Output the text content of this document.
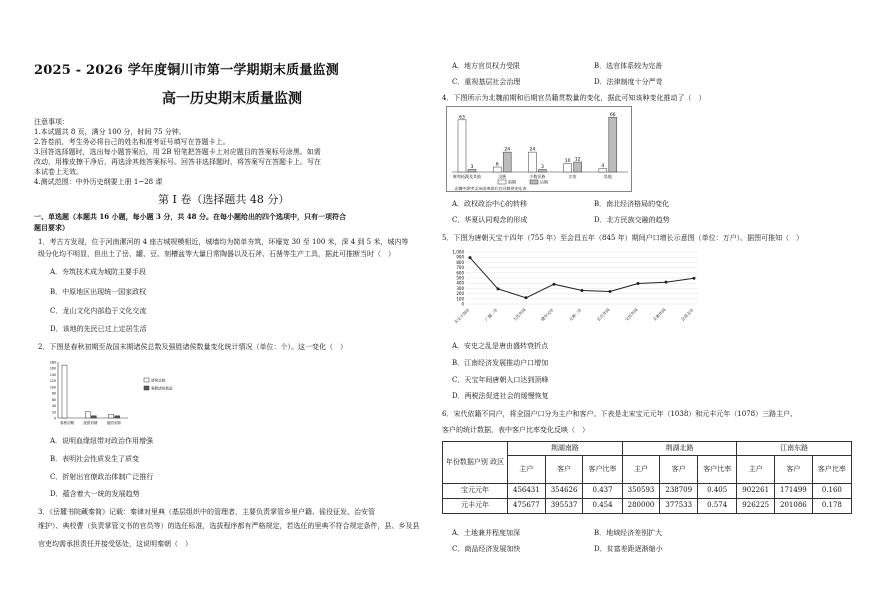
2025 - 2026 学年度铜川市第一学期期末质量监测
高一历史期末质量监测
注意事项：
1.本试题共 8 页，满分 100 分，时间 75 分钟。
2.答卷前，考生务必将自己的姓名和准考证号填写在答题卡上。
3.回答选择题时，选出每小题答案后，用 2B 铅笔把答题卡上对应题目的答案标号涂黑。如需
改动，用橡皮擦干净后，再选涂其他答案标号。回答非选择题时，将答案写在答题卡上。写在
本试卷上无效。
4.测试范围：中外历史纲要上册 1~28 课
第 Ⅰ 卷（选择题共 48 分）
一、单选题（本题共 16 小题，每小题 3 分，共 48 分。在每小题给出的四个选项中，只有一项符合
题目要求）
1．考古方发现，位于河南漯河的 4 座古城规模相近，城墙均为简单夯筑，环壕宽 30 至 100 米，深 4 到 5 米，城内等
级分化均不明显，但出土了岳、罐、豆、刻槽盆等大量日常陶器以及石斧、石凿等生产工具，据此可推断当时（　）
A．夯筑技术成为城防主要手段
B．中原地区出现统一国家政权
C．龙山文化内部趋于文化交流
D．该地的先民已过上定居生活
2．下图是春秋初期至战国末期诸侯总数及强胜诸侯数量变化统计情况（单位：个）。这一变化（　）
180
160
140
120
100
80
60
40
20
0
春秋初期	战国初期	战国末期
诸侯总数
强胜诸侯数量
A．说明血缘纽带对政治作用增强
B．表明社会性质发生了质变
C．折射出官僚政治体制广泛推行
D．蕴含着大一统的发展趋势
3．《岳麓书院藏秦简》记载：秦律对里典（基层组织中的管理者，主要负责掌管乡里户籍、徭役征发、治安管
维护）、典校曹（负责掌管文书的官员等）的选任标准，选拔程序都有严格规定，若选任的里典不符合规定条件，县、乡及县
官吏均需承担责任并接受惩处，这说明秦朝（　）
A．地方官员权力受限	B．选官体系较为完善
C．重视基层社会治理	D．法律制度十分严苛
4．下图所示为北魏前期和后期官员籍贯数量的变化，据此可知该种变化推动了（　）
63
3
鲜卑拓跋及其他
6
24
汉族
24
3
少数民族
10 12
宗室
4
66
其他
前期	后期
北魏中期孝文帝改革前后官员籍贯变化表
A．政权政治中心的转移	B．南北经济格局的变化
C．华夏认同观念的形成	D．北方民族交融的趋势
5．下图为唐朝天宝十四年（755 年）至会昌五年（845 年）期间户口增长示意图（单位：万户）。据图可推知（　）
1,000
900
800
700
600
500
400
300
200
100
0
天宝十四年	广德二年	大历年间	建中元年	元和二年	长庆年间	宝历年间	太和年间	会昌五年
A．安史之乱是唐由盛转衰折点
B．江南经济发展推动户口增加
C．天宝年间唐朝人口达到顶峰
D．两税法促进社会的缓慢恢复
6．宋代依籍不同户，将全国户口分为主户和客户。下表是北宋宝元元年（1038）和元丰元年（1078）三路主户、
客户的统计数据，表中客户比率变化反映（　）
年份数据户别 政区	荆湖南路			荆湖北路			江南东路		
	主户	客户	客户比率	主户	客户	客户比率	主户	客户	客户比率
宝元元年	456431	354626	0.437	350593	238709	0.405	902261	171499	0.160
元丰元年	475677	395537	0.454	280000	377533	0.574	926225	201086	0.178
A．土地兼并程度加深	B．地域经济差别扩大
C．商品经济发展加快	D．贫富差距逐渐缩小
